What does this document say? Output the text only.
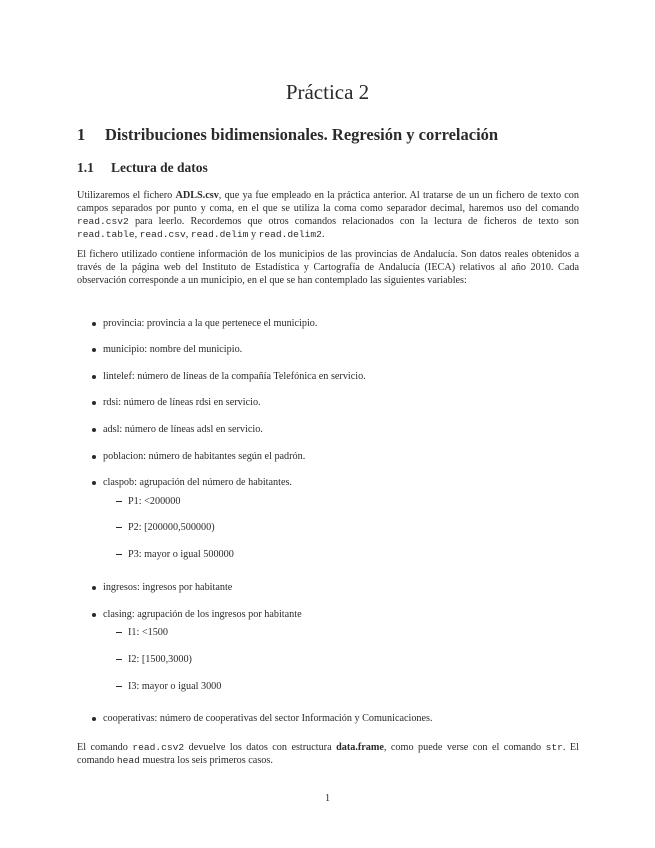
Práctica 2
1 Distribuciones bidimensionales. Regresión y correlación
1.1 Lectura de datos

Utilizaremos el fichero ADLS.csv, que ya fue empleado en la práctica anterior. Al tratarse de un un fichero de texto con campos separados por punto y coma, en el que se utiliza la coma como separador decimal, haremos uso del comando read.csv2 para leerlo. Recordemos que otros comandos relacionados con la lectura de ficheros de texto son read.table, read.csv, read.delim y read.delim2.

El fichero utilizado contiene información de los municipios de las provincias de Andalucía. Son datos reales obtenidos a través de la página web del Instituto de Estadística y Cartografía de Andalucía (IECA) relativos al año 2010. Cada observación corresponde a un municipio, en el que se han contemplado las siguientes variables:

provincia: provincia a la que pertenece el municipio.

municipio: nombre del municipio.

lintelef: número de líneas de la compañía Telefónica en servicio.

rdsi: número de líneas rdsi en servicio.

adsl: número de líneas adsl en servicio.

poblacion: número de habitantes según el padrón.

claspob: agrupación del número de habitantes.

P1: <200000

P2: [200000,500000)

P3: mayor o igual 500000

ingresos: ingresos por habitante

clasing: agrupación de los ingresos por habitante

I1: <1500

I2: [1500,3000)

I3: mayor o igual 3000

cooperativas: número de cooperativas del sector Información y Comunicaciones.

El comando read.csv2 devuelve los datos con estructura data.frame, como puede verse con el comando str. El comando head muestra los seis primeros casos.

1
